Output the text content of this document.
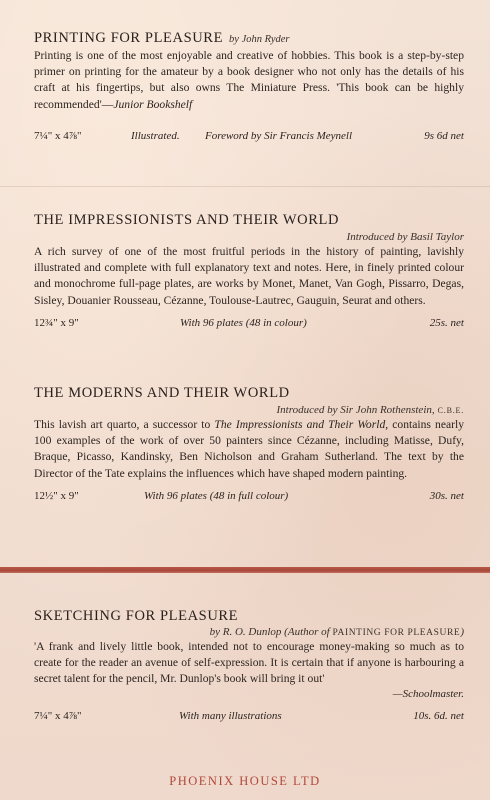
PRINTING FOR PLEASURE by John Ryder
Printing is one of the most enjoyable and creative of hobbies. This book is a step-by-step primer on printing for the amateur by a book designer who not only has the details of his craft at his fingertips, but also owns The Miniature Press. 'This book can be highly recommended'—Junior Bookshelf
7¼" x 4⅞"	Illustrated. Foreword by Sir Francis Meynell	9s 6d net
THE IMPRESSIONISTS AND THEIR WORLD
Introduced by Basil Taylor
A rich survey of one of the most fruitful periods in the history of painting, lavishly illustrated and complete with full explanatory text and notes. Here, in finely printed colour and monochrome full-page plates, are works by Monet, Manet, Van Gogh, Pissarro, Degas, Sisley, Douanier Rousseau, Cézanne, Toulouse-Lautrec, Gauguin, Seurat and others.
12¾" x 9"	With 96 plates (48 in colour)	25s. net
THE MODERNS AND THEIR WORLD
Introduced by Sir John Rothenstein, C.B.E.
This lavish art quarto, a successor to The Impressionists and Their World, contains nearly 100 examples of the work of over 50 painters since Cézanne, including Matisse, Dufy, Braque, Picasso, Kandinsky, Ben Nicholson and Graham Sutherland. The text by the Director of the Tate explains the influences which have shaped modern painting.
12½" x 9"	With 96 plates (48 in full colour)	30s. net
SKETCHING FOR PLEASURE
by R. O. Dunlop (Author of PAINTING FOR PLEASURE)
'A frank and lively little book, intended not to encourage money-making so much as to create for the reader an avenue of self-expression. It is certain that if anyone is harbouring a secret talent for the pencil, Mr. Dunlop's book will bring it out'
—Schoolmaster.
7¼" x 4⅞"	With many illustrations	10s. 6d. net
PHOENIX HOUSE LTD
